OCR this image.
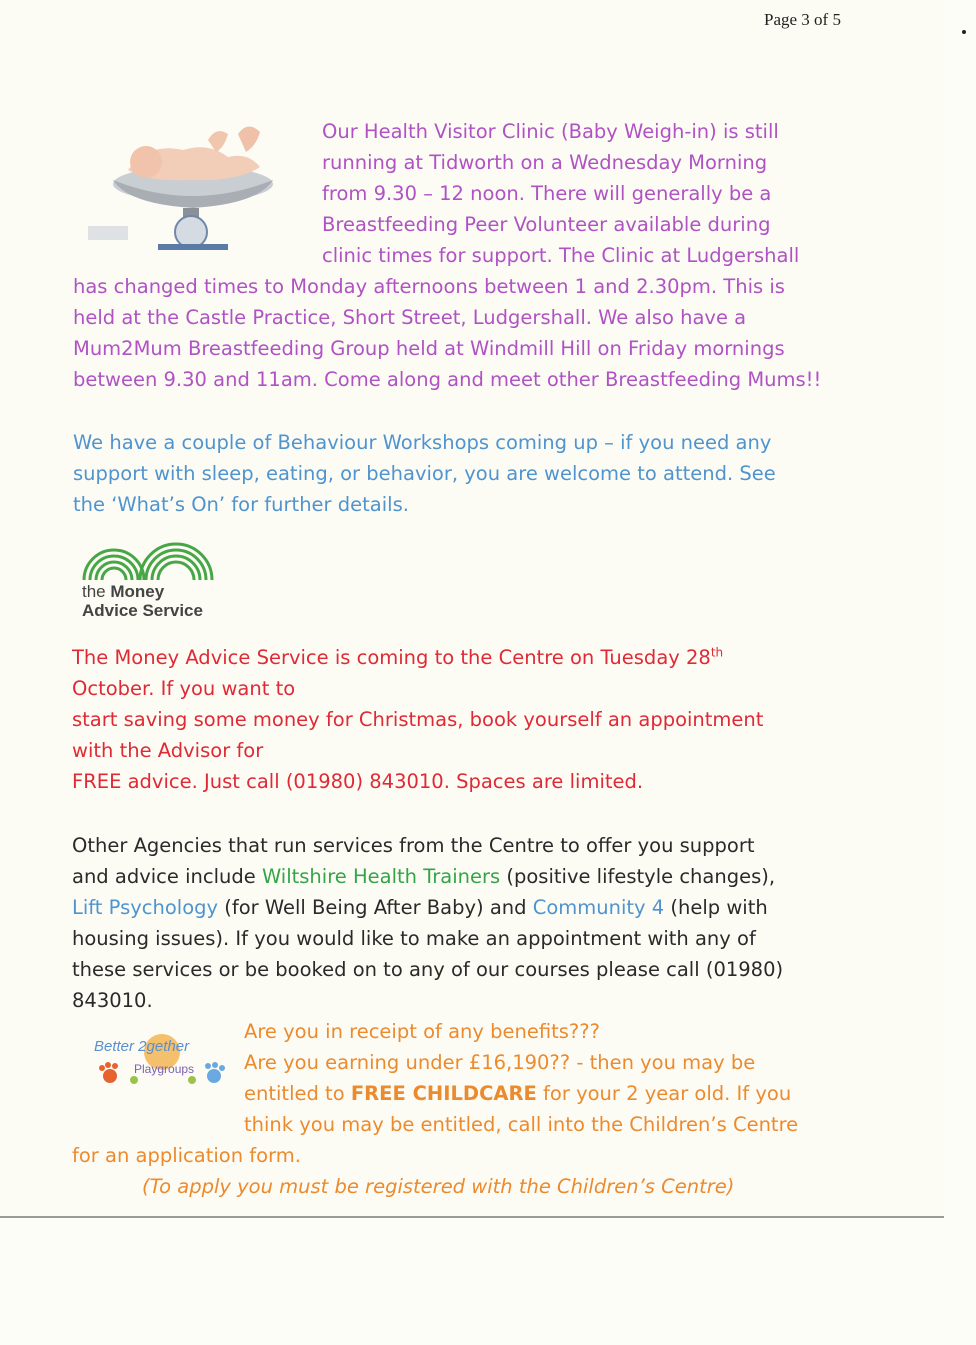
Page 3 of 5

Our Health Visitor Clinic (Baby Weigh-in) is still

running at Tidworth on a Wednesday Morning

from 9.30 – 12 noon. There will generally be a

Breastfeeding Peer Volunteer available during

clinic times for support. The Clinic at Ludgershall

has changed times to Monday afternoons between 1 and 2.30pm. This is

held at the Castle Practice, Short Street, Ludgershall. We also have a

Mum2Mum Breastfeeding Group held at Windmill Hill on Friday mornings

between 9.30 and 11am. Come along and meet other Breastfeeding Mums!!

We have a couple of Behaviour Workshops coming up – if you need any

support with sleep, eating, or behavior, you are welcome to attend. See

the ‘What’s On’ for further details.

the Money
Advice Service

The Money Advice Service is coming to the Centre on Tuesday 28th

October. If you want to

start saving some money for Christmas, book yourself an appointment

with the Advisor for

FREE advice. Just call (01980) 843010. Spaces are limited.

Other Agencies that run services from the Centre to offer you support

and advice include Wiltshire Health Trainers (positive lifestyle changes),

Lift Psychology (for Well Being After Baby) and Community 4 (help with

housing issues). If you would like to make an appointment with any of

these services or be booked on to any of our courses please call (01980)

843010.

Better 2gether
Playgroups

Are you in receipt of any benefits???

Are you earning under £16,190?? - then you may be

entitled to FREE CHILDCARE for your 2 year old. If you

think you may be entitled, call into the Children’s Centre

for an application form.

(To apply you must be registered with the Children’s Centre)
